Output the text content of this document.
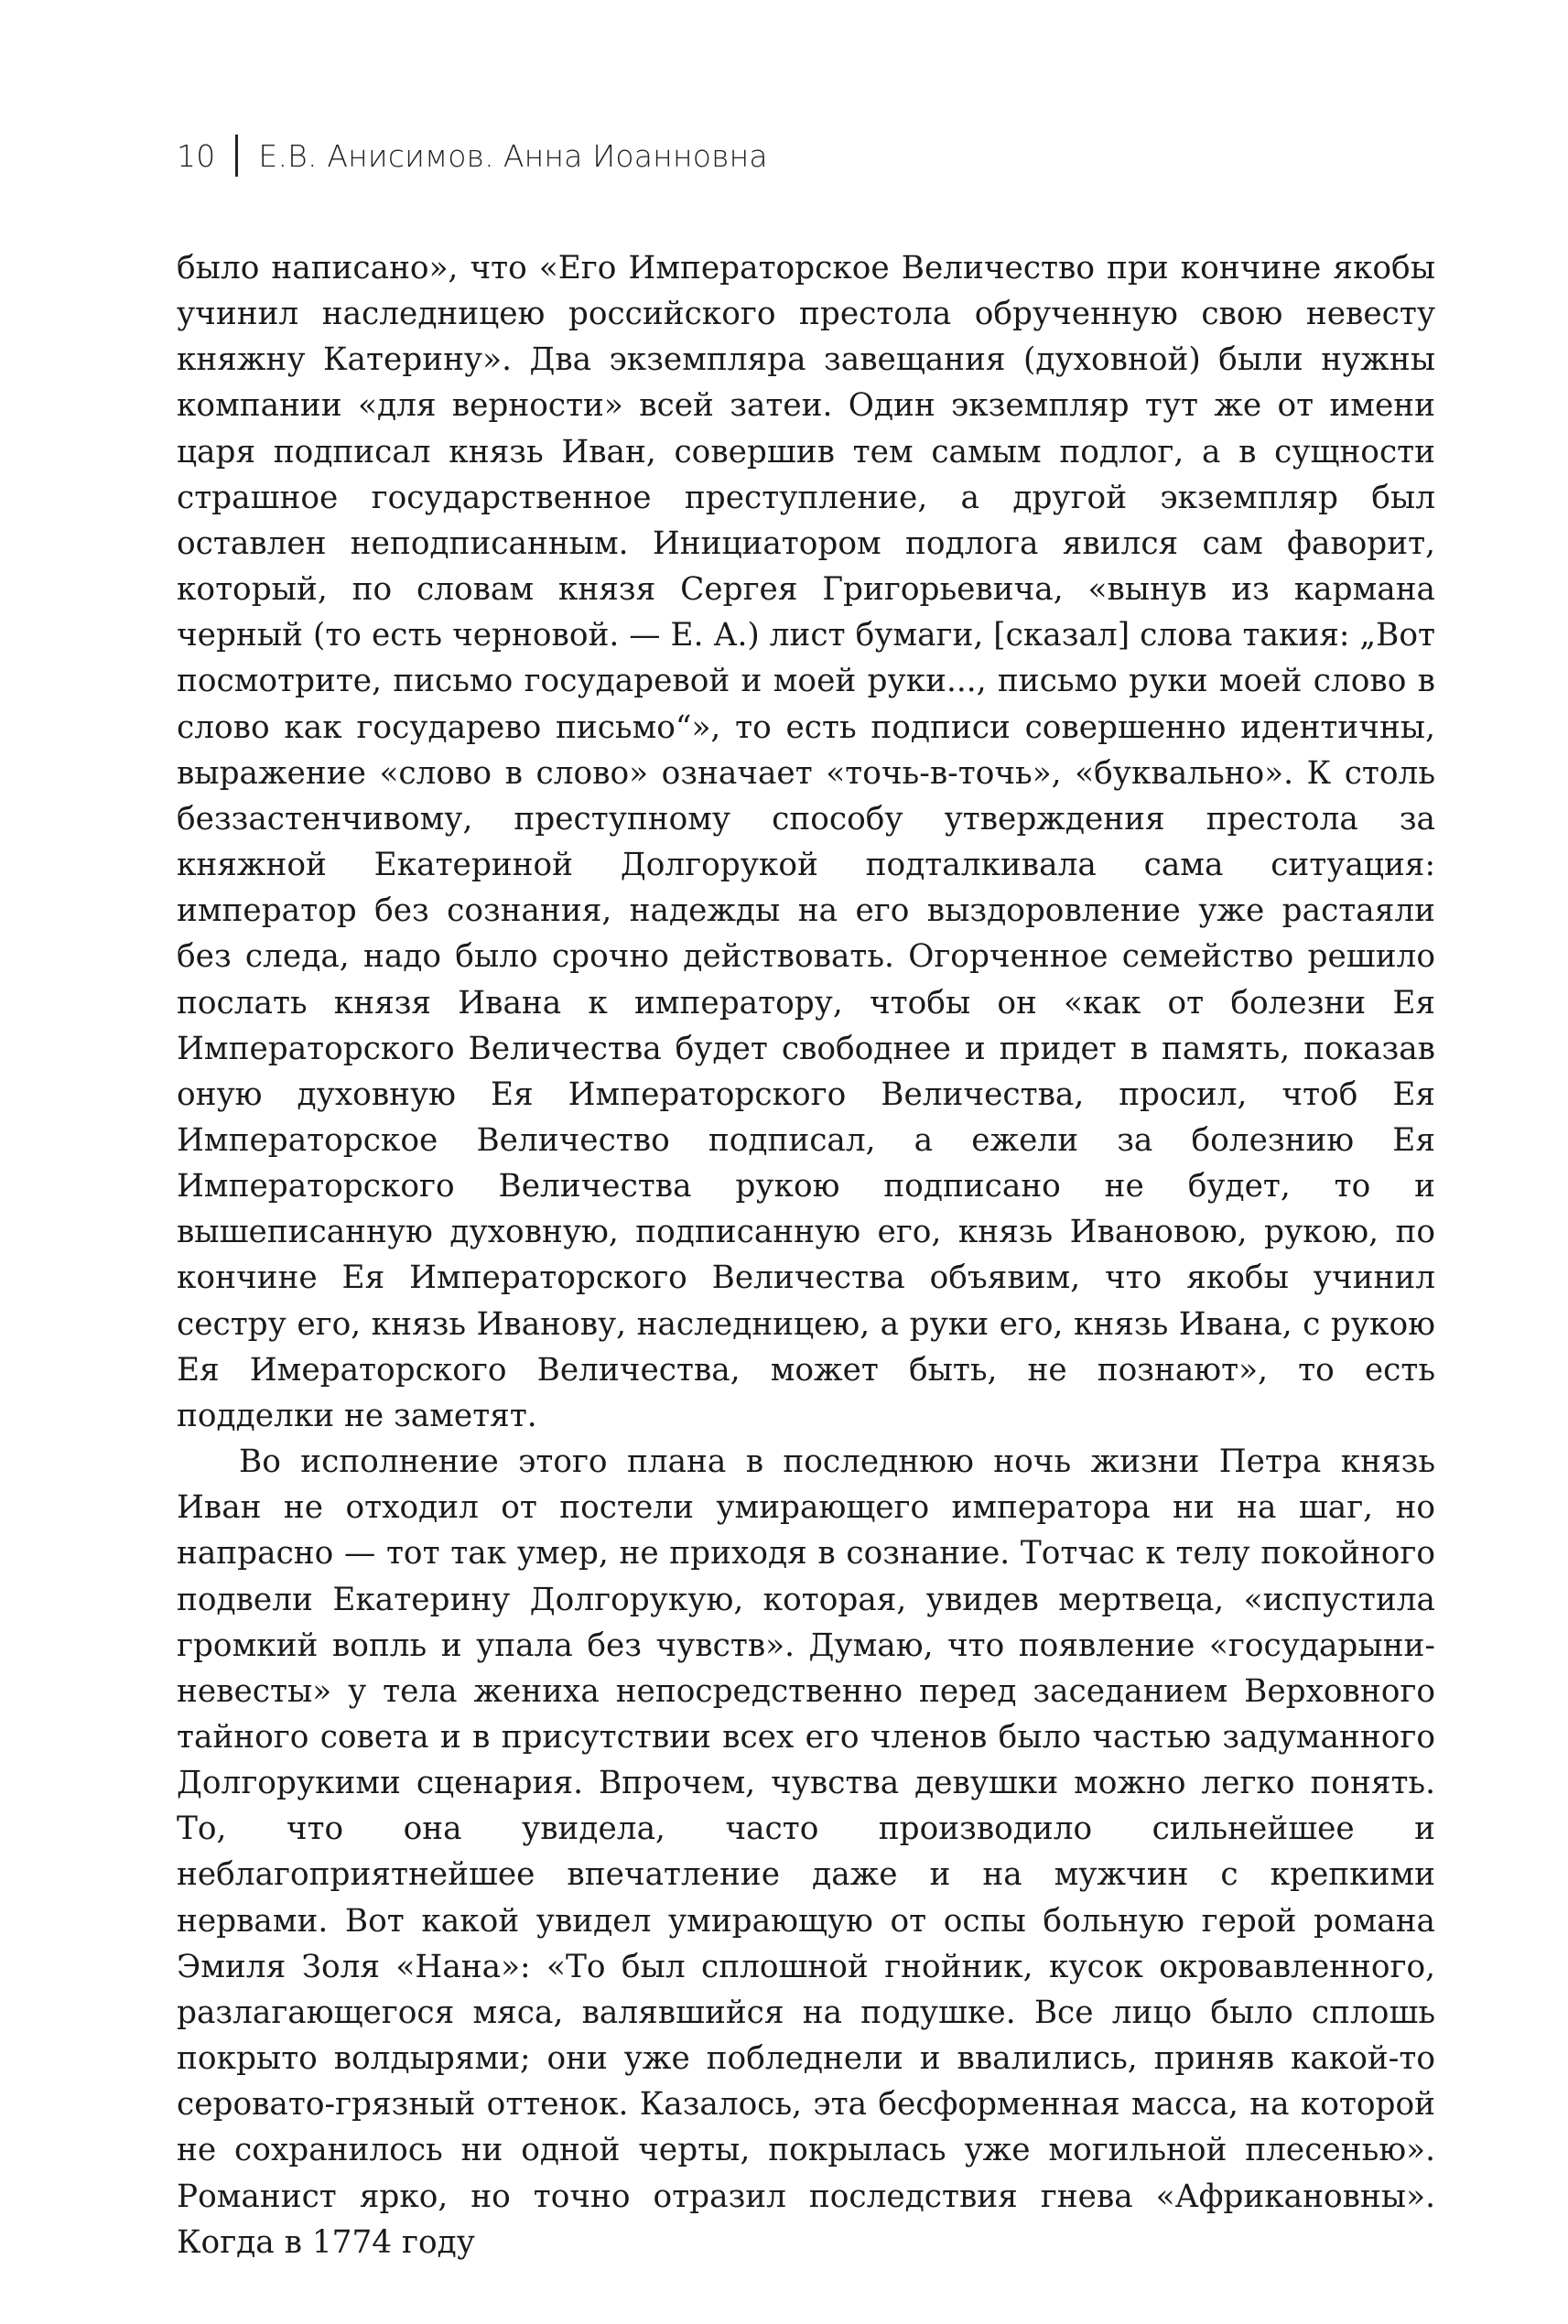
10 Е.В. Анисимов. Анна Иоанновна

было написано», что «Его Императорское Величество при кончине якобы учинил наследницею российского престола обрученную свою невесту княжну Катерину». Два экземпляра завещания (духовной) были нужны компании «для верности» всей затеи. Один экземпляр тут же от имени царя подписал князь Иван, совершив тем самым подлог, а в сущности страшное государственное преступление, а другой экземпляр был оставлен неподписанным. Инициатором подлога явился сам фаворит, который, по словам князя Сергея Григорьевича, «вынув из кармана черный (то есть черновой. — Е. А.) лист бумаги, [сказал] слова такия: „Вот посмотрите, письмо государевой и моей руки..., письмо руки моей слово в слово как государево письмо“», то есть подписи совершенно идентичны, выражение «слово в слово» означает «точь-в-точь», «буквально». К столь беззастенчивому, преступному способу утверждения престола за княжной Екатериной Долгорукой подталкивала сама ситуация: император без сознания, надежды на его выздоровление уже растаяли без следа, надо было срочно действовать. Огорченное семейство решило послать князя Ивана к императору, чтобы он «как от болезни Ея Императорского Величества будет свободнее и придет в память, показав оную духовную Ея Императорского Величества, просил, чтоб Ея Императорское Величество подписал, а ежели за болезнию Ея Императорского Величества рукою подписано не будет, то и вышеписанную духовную, подписанную его, князь Ивановою, рукою, по кончине Ея Императорского Величества объявим, что якобы учинил сестру его, князь Иванову, наследницею, а руки его, князь Ивана, с рукою Ея Имераторского Величества, может быть, не познают», то есть подделки не заметят.

Во исполнение этого плана в последнюю ночь жизни Петра князь Иван не отходил от постели умирающего императора ни на шаг, но напрасно — тот так умер, не приходя в сознание. Тотчас к телу покойного подвели Екатерину Долгорукую, которая, увидев мертвеца, «испустила громкий вопль и упала без чувств». Думаю, что появление «государыни-невесты» у тела жениха непосредственно перед заседанием Верховного тайного совета и в присутствии всех его членов было частью задуманного Долгорукими сценария. Впрочем, чувства девушки можно легко понять. То, что она увидела, часто производило сильнейшее и неблагоприятнейшее впечатление даже и на мужчин с крепкими нервами. Вот какой увидел умирающую от оспы больную герой романа Эмиля Золя «Нана»: «То был сплошной гнойник, кусок окровавленного, разлагающегося мяса, валявшийся на подушке. Все лицо было сплошь покрыто волдырями; они уже побледнели и ввалились, приняв какой-то серовато-грязный оттенок. Казалось, эта бесформенная масса, на которой не сохранилось ни одной черты, покрылась уже могильной плесенью». Романист ярко, но точно отразил последствия гнева «Африкановны». Когда в 1774 году
